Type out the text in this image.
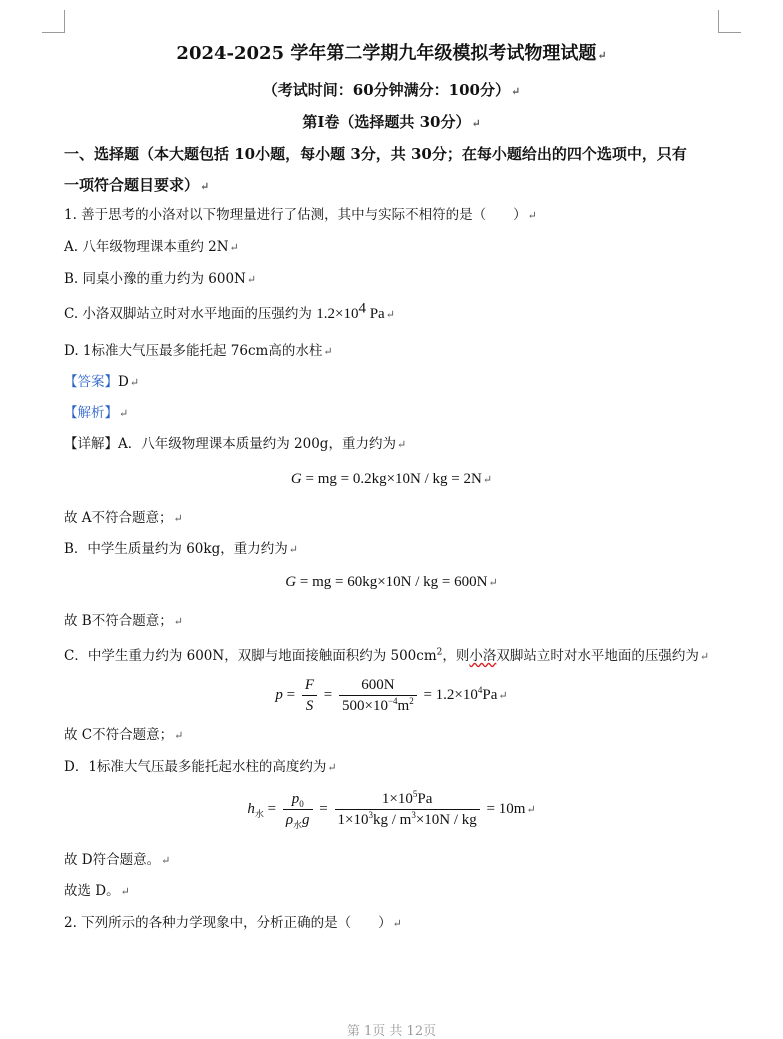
2024-2025 学年第二学期九年级模拟考试物理试题↵
（考试时间：60分钟满分：100分）↵
第Ⅰ卷（选择题共 30分）↵
一、选择题（本大题包括 10小题，每小题 3分，共 30分；在每小题给出的四个选项中，只有
一项符合题目要求）↵
1. 善于思考的小洛对以下物理量进行了估测，其中与实际不相符的是（　　）↵
A. 八年级物理课本重约 2N↵
B. 同桌小豫的重力约为 600N↵
C. 小洛双脚站立时对水平地面的压强约为 $1.2\times 10^4$ Pa↵
D. 1标准大气压最多能托起 76cm高的水柱↵
【答案】D↵
【解析】↵
【详解】A．八年级物理课本质量约为 200g，重力约为↵
G = mg = 0.2kg×10N / kg = 2N↵
故 A不符合题意；↵
B．中学生质量约为 60kg，重力约为↵
G = mg = 60kg×10N / kg = 600N↵
故 B不符合题意；↵
C．中学生重力约为 600N，双脚与地面接触面积约为 $500cm^2$，则小洛双脚站立时对水平地面的压强约为↵
$p = \frac{F}{S} = \frac{600N}{500\times 10^{-4}m^2}$ = $1.2\times 10^4Pa↵$
故 C不符合题意；↵
D．1标准大气压最多能托起水柱的高度约为↵
$h_水 = \frac{p_0}{\rho_水g} = \frac{1\times 10^5Pa}{1\times 10^3kg / m^3\times 10N / kg}$ = 10m↵
故 D符合题意。↵
故选 D。↵
2. 下列所示的各种力学现象中，分析正确的是（　　）↵
第 1页 共 12页
